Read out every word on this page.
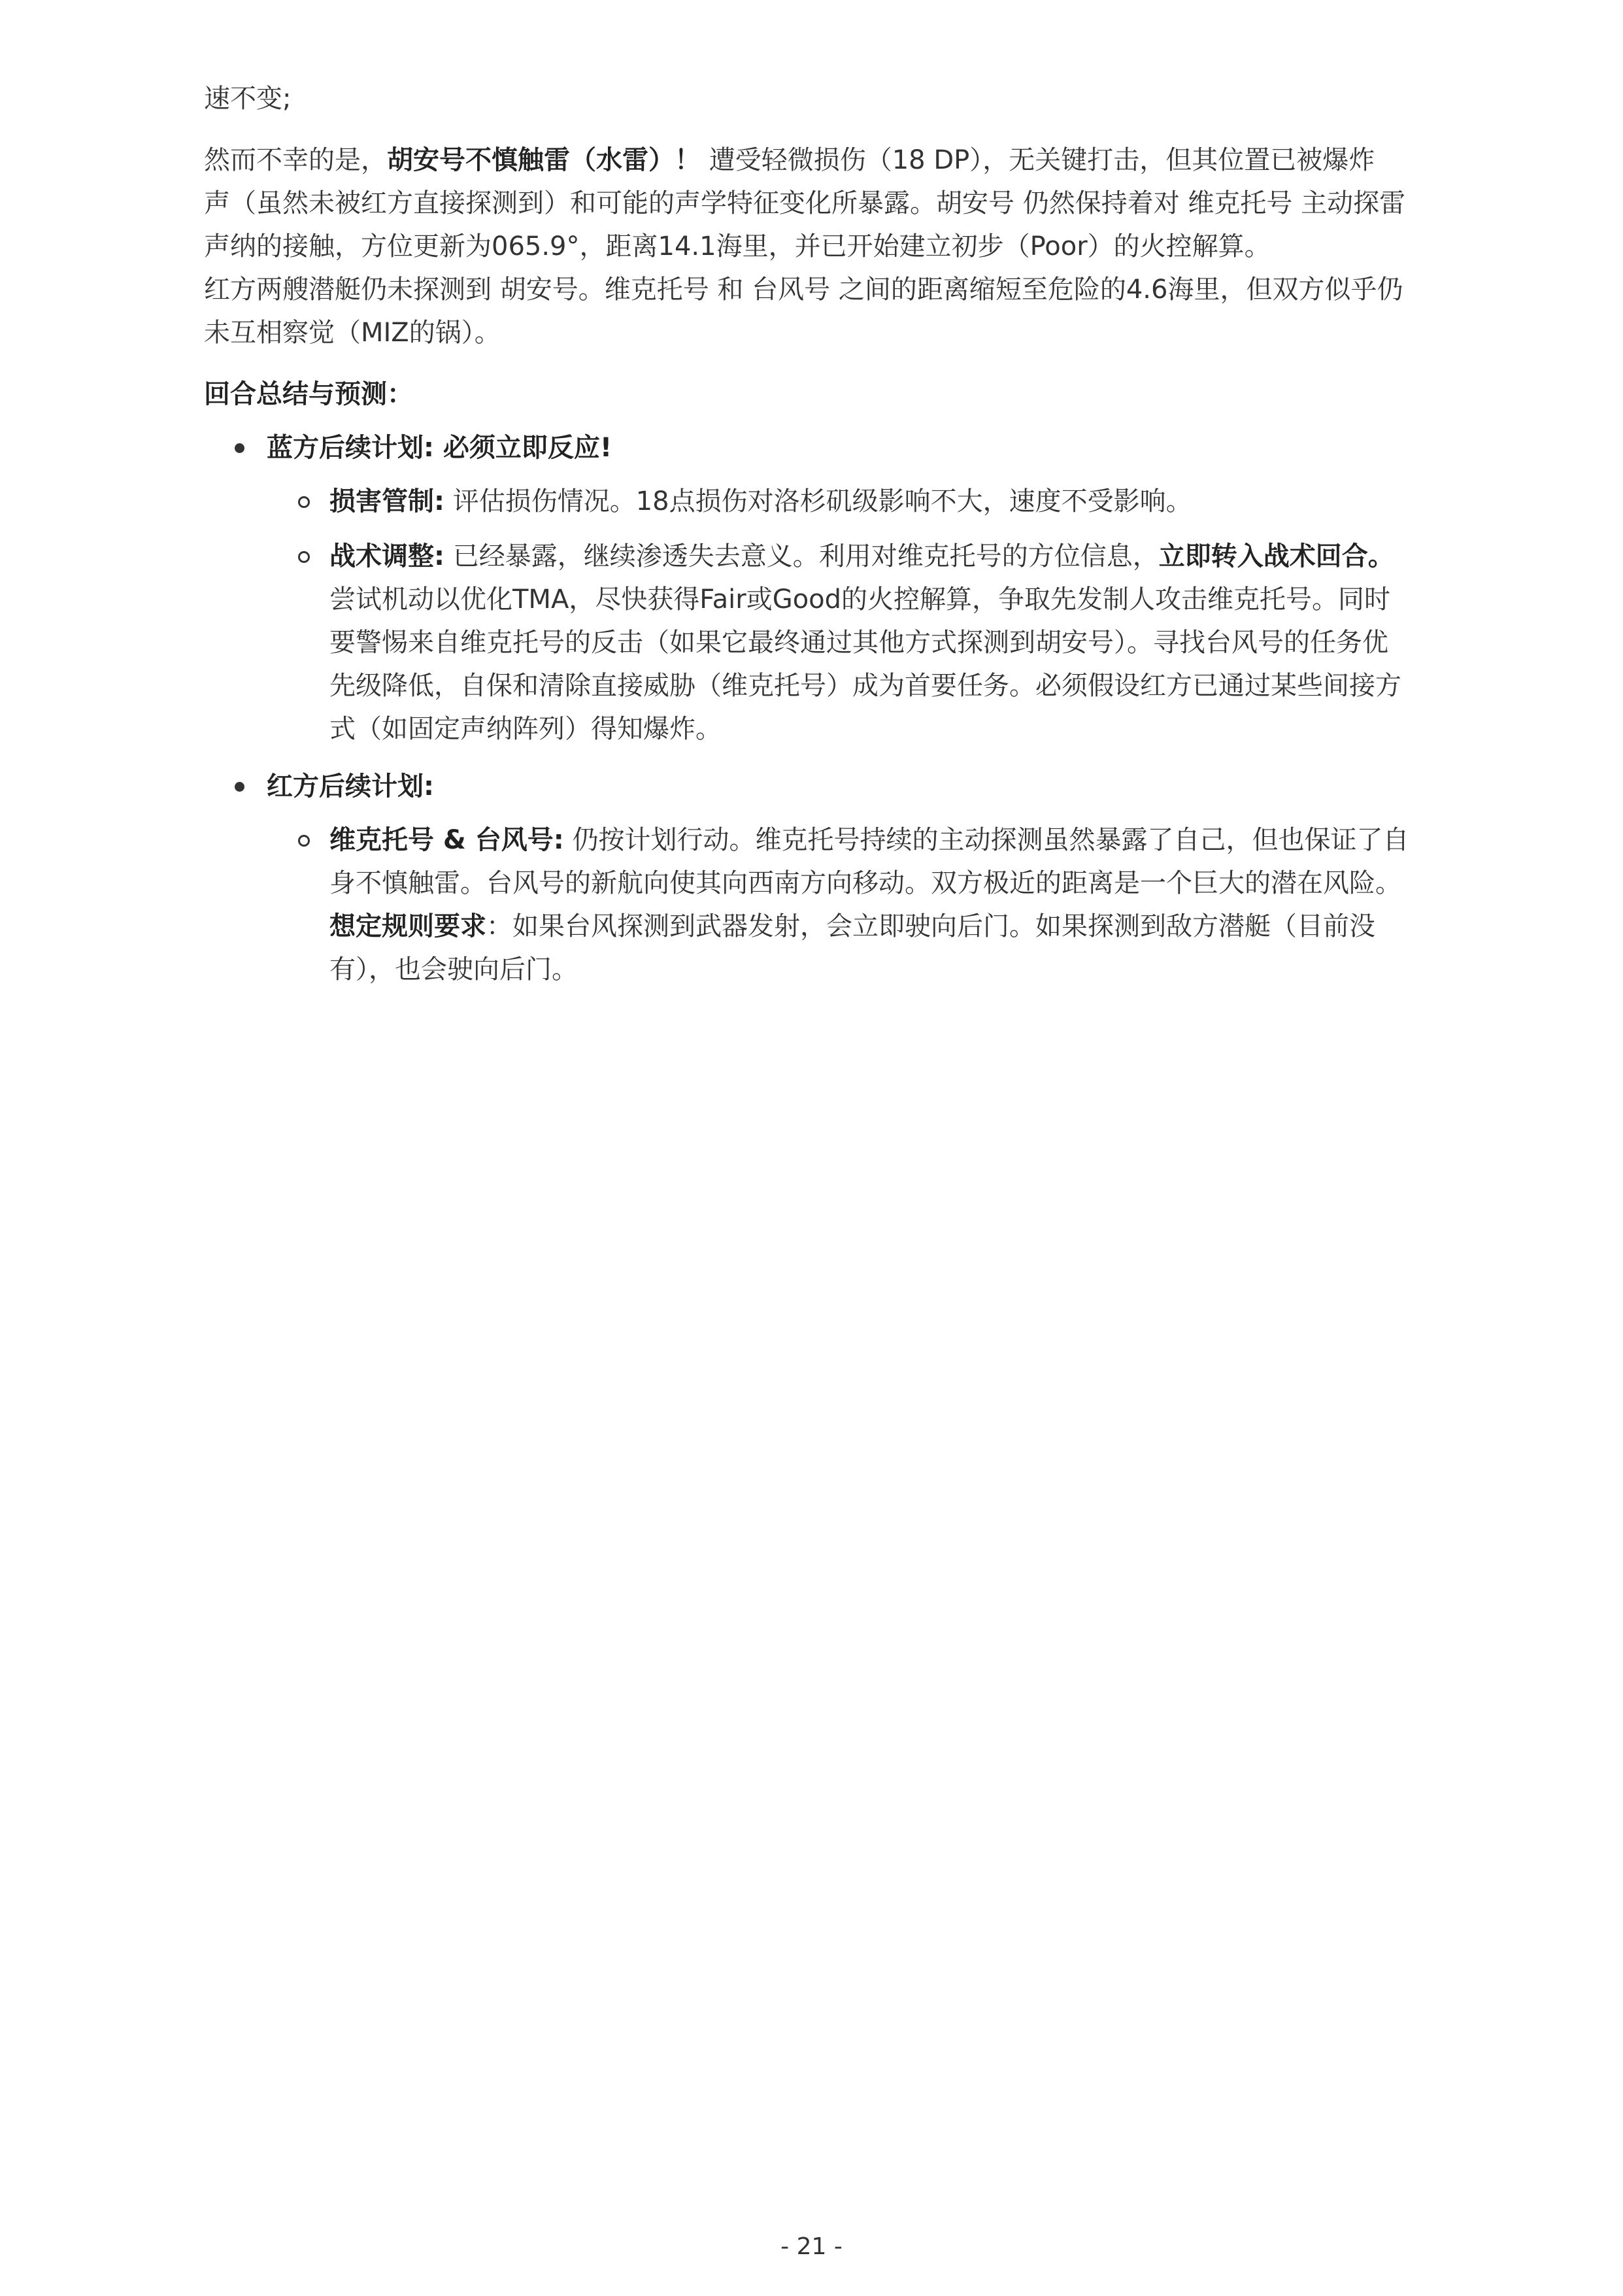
速不变;

然而不幸的是，胡安号不慎触雷（水雷）！ 遭受轻微损伤（18 DP），无关键打击，但其位置已被爆炸
声（虽然未被红方直接探测到）和可能的声学特征变化所暴露。胡安号 仍然保持着对 维克托号 主动探雷
声纳的接触，方位更新为065.9°，距离14.1海里，并已开始建立初步（Poor）的火控解算。
红方两艘潜艇仍未探测到 胡安号。维克托号 和 台风号 之间的距离缩短至危险的4.6海里，但双方似乎仍
未互相察觉（MIZ的锅）。

回合总结与预测：

蓝方后续计划: 必须立即反应!
损害管制: 评估损伤情况。18点损伤对洛杉矶级影响不大，速度不受影响。
战术调整: 已经暴露，继续渗透失去意义。利用对维克托号的方位信息，立即转入战术回合。
尝试机动以优化TMA，尽快获得Fair或Good的火控解算，争取先发制人攻击维克托号。同时
要警惕来自维克托号的反击（如果它最终通过其他方式探测到胡安号）。寻找台风号的任务优
先级降低，自保和清除直接威胁（维克托号）成为首要任务。必须假设红方已通过某些间接方
式（如固定声纳阵列）得知爆炸。
红方后续计划:
维克托号 & 台风号: 仍按计划行动。维克托号持续的主动探测虽然暴露了自己，但也保证了自
身不慎触雷。台风号的新航向使其向西南方向移动。双方极近的距离是一个巨大的潜在风险。
想定规则要求：如果台风探测到武器发射，会立即驶向后门。如果探测到敌方潜艇（目前没
有），也会驶向后门。
- 21 -
